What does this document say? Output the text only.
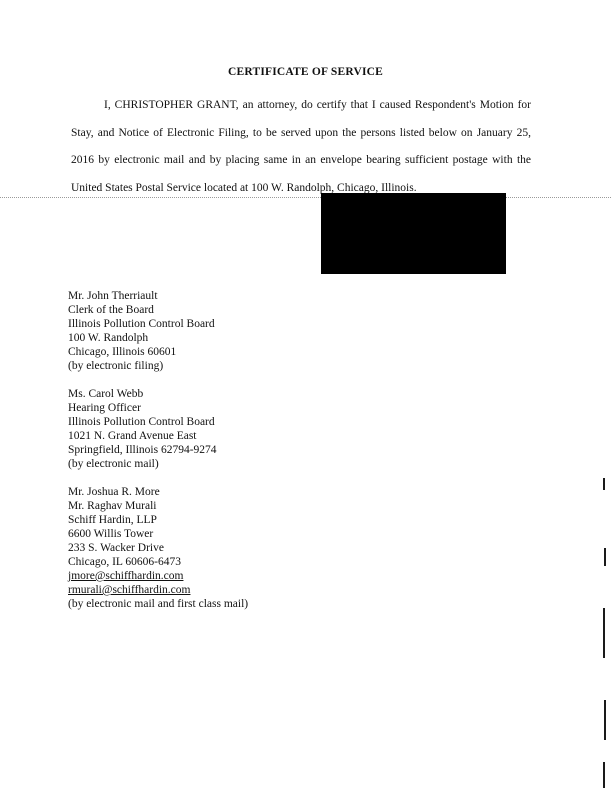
CERTIFICATE OF SERVICE
I, CHRISTOPHER GRANT, an attorney, do certify that I caused Respondent's Motion for Stay, and Notice of Electronic Filing, to be served upon the persons listed below on January 25, 2016 by electronic mail and by placing same in an envelope bearing sufficient postage with the United States Postal Service located at 100 W. Randolph, Chicago, Illinois.
Mr. John Therriault
Clerk of the Board
Illinois Pollution Control Board
100 W. Randolph
Chicago, Illinois 60601
(by electronic filing)
Ms. Carol Webb
Hearing Officer
Illinois Pollution Control Board
1021 N. Grand Avenue East
Springfield, Illinois 62794-9274
(by electronic mail)
Mr. Joshua R. More
Mr. Raghav Murali
Schiff Hardin, LLP
6600 Willis Tower
233 S. Wacker Drive
Chicago, IL 60606-6473
jmore@schiffhardin.com
rmurali@schiffhardin.com
(by electronic mail and first class mail)
